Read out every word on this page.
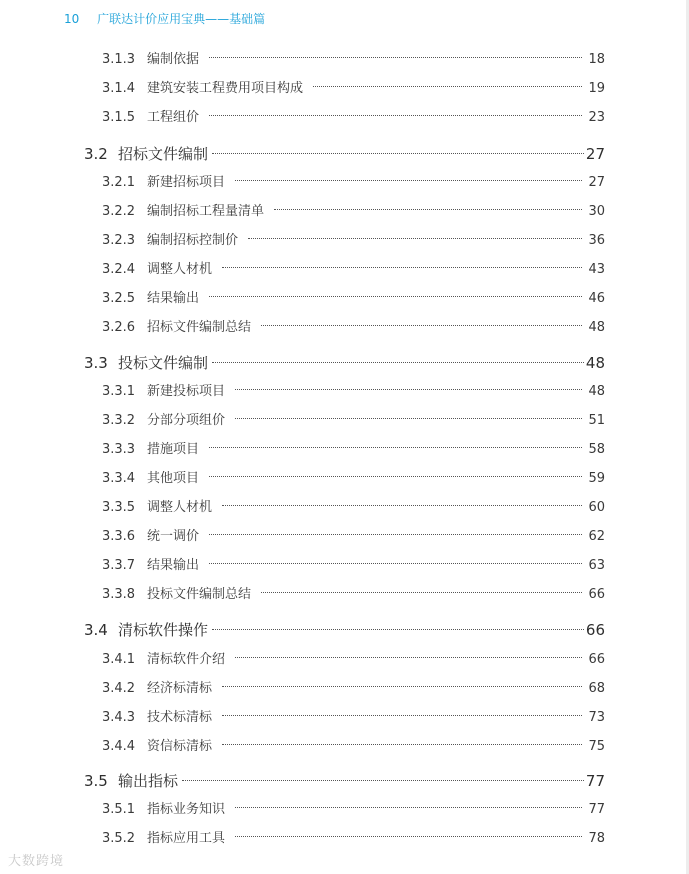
10 广联达计价应用宝典——基础篇
3.1.3 编制依据	18
3.1.4 建筑安装工程费用项目构成	19
3.1.5 工程组价	23
3.2 招标文件编制	27
3.2.1 新建招标项目	27
3.2.2 编制招标工程量清单	30
3.2.3 编制招标控制价	36
3.2.4 调整人材机	43
3.2.5 结果输出	46
3.2.6 招标文件编制总结	48
3.3 投标文件编制	48
3.3.1 新建投标项目	48
3.3.2 分部分项组价	51
3.3.3 措施项目	58
3.3.4 其他项目	59
3.3.5 调整人材机	60
3.3.6 统一调价	62
3.3.7 结果输出	63
3.3.8 投标文件编制总结	66
3.4 清标软件操作	66
3.4.1 清标软件介绍	66
3.4.2 经济标清标	68
3.4.3 技术标清标	73
3.4.4 资信标清标	75
3.5 输出指标	77
3.5.1 指标业务知识	77
3.5.2 指标应用工具	78
大数跨境
